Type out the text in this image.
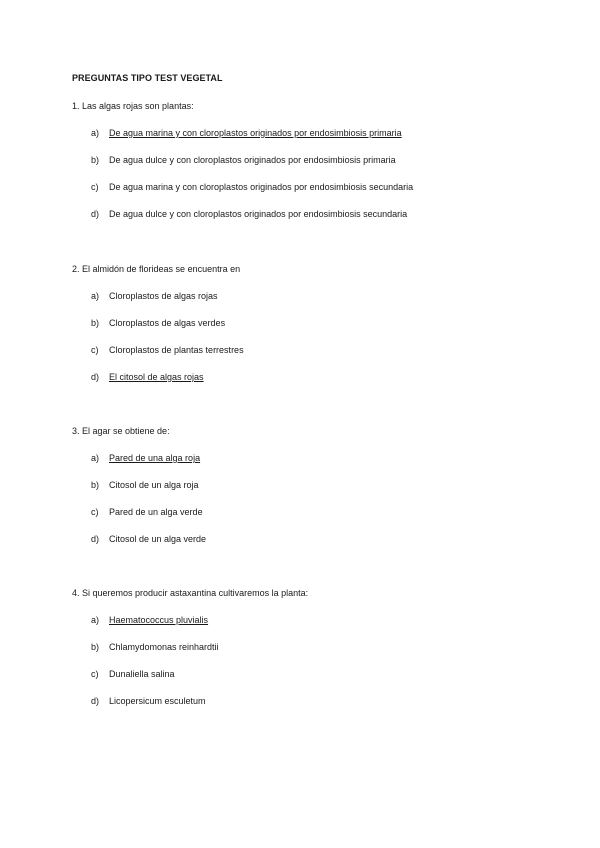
PREGUNTAS TIPO TEST VEGETAL
1. Las algas rojas son plantas:
a) De agua marina y con cloroplastos originados por endosimbiosis primaria
b) De agua dulce y con cloroplastos originados por endosimbiosis primaria
c) De agua marina y con cloroplastos originados por endosimbiosis secundaria
d) De agua dulce y con cloroplastos originados por endosimbiosis secundaria
2. El almidón de florideas se encuentra en
a) Cloroplastos de algas rojas
b) Cloroplastos de algas verdes
c) Cloroplastos de plantas terrestres
d) El citosol de algas rojas
3. El agar se obtiene de:
a) Pared de una alga roja
b) Citosol de un alga roja
c) Pared de un alga verde
d) Citosol de un alga verde
4. Si queremos producir astaxantina cultivaremos la planta:
a) Haematococcus pluvialis
b) Chlamydomonas reinhardtii
c) Dunaliella salina
d) Licopersicum esculetum
